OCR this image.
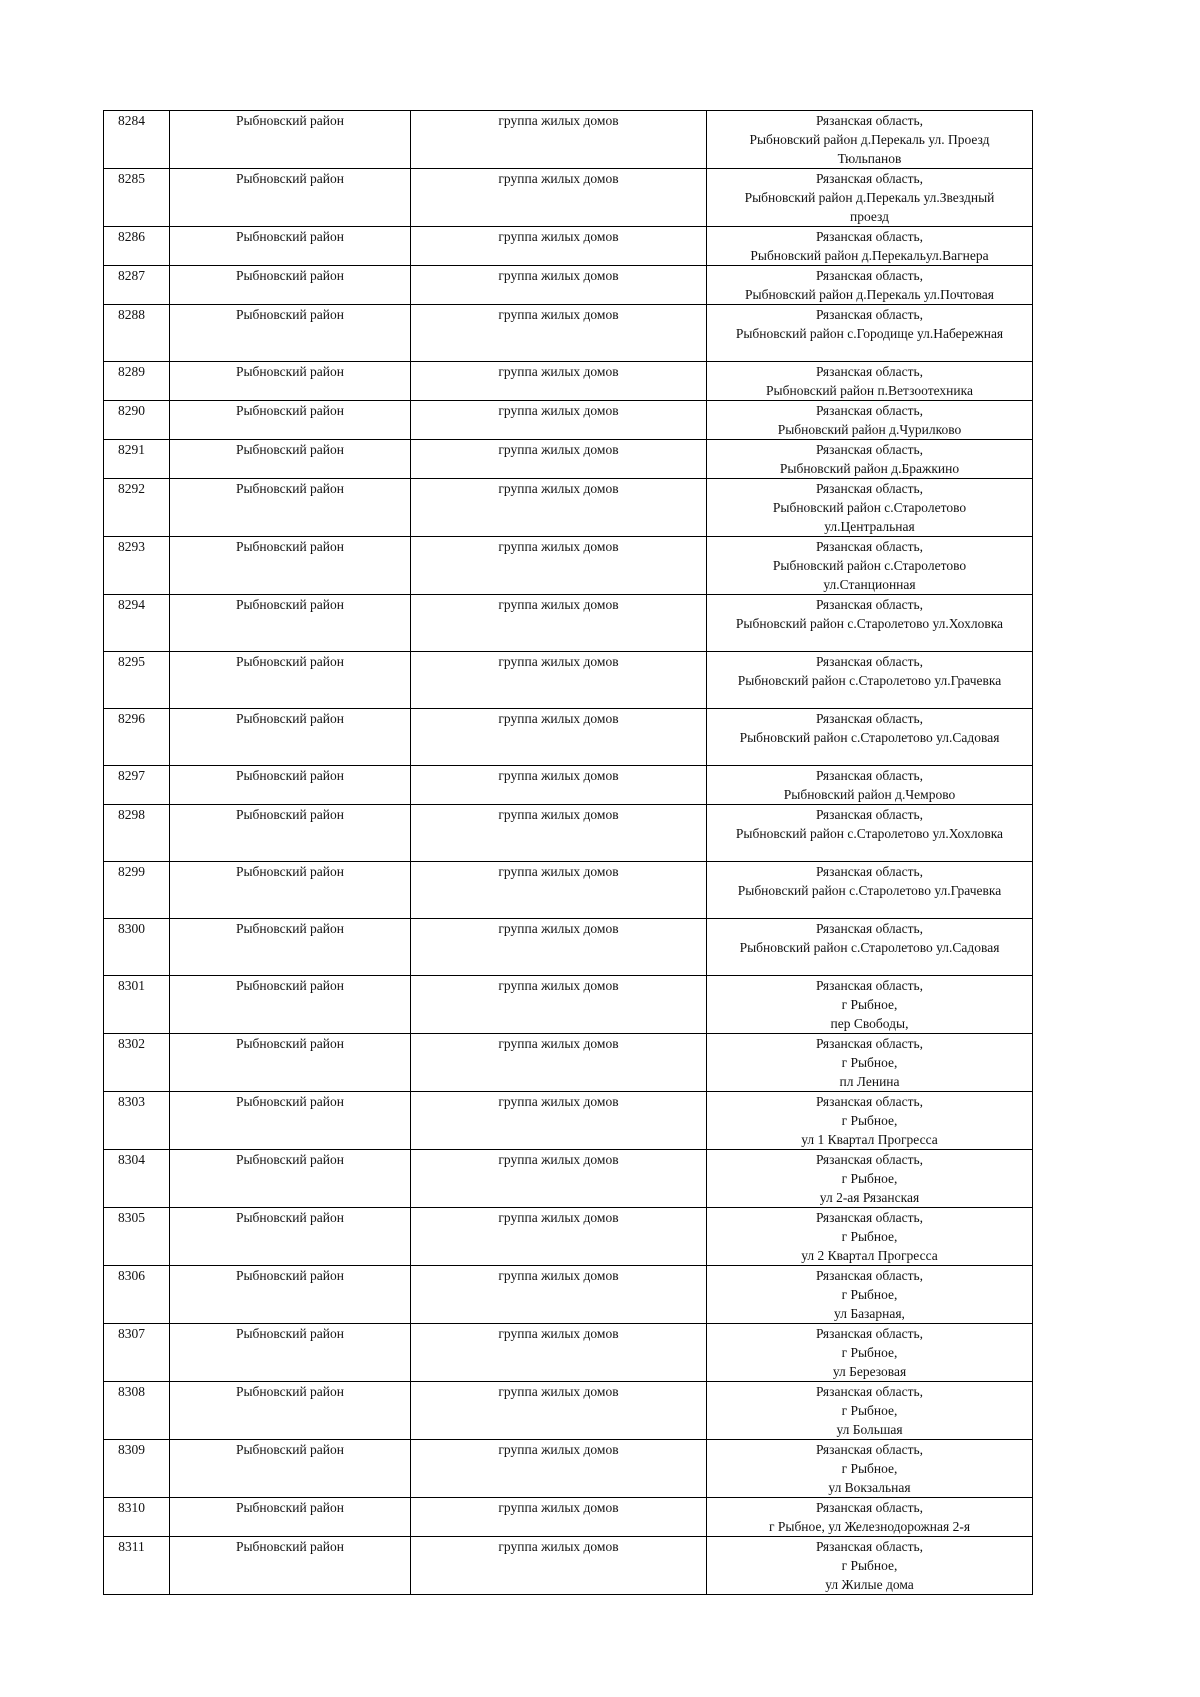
8284	Рыбновский район	группа жилых домов	Рязанская область,
Рыбновский район д.Перекаль ул. Проезд
Тюльпанов
8285	Рыбновский район	группа жилых домов	Рязанская область,
Рыбновский район д.Перекаль ул.Звездный
проезд
8286	Рыбновский район	группа жилых домов	Рязанская область,
Рыбновский район д.Перекальул.Вагнера
8287	Рыбновский район	группа жилых домов	Рязанская область,
Рыбновский район д.Перекаль ул.Почтовая
8288	Рыбновский район	группа жилых домов	Рязанская область,
Рыбновский район с.Городище ул.Набережная
8289	Рыбновский район	группа жилых домов	Рязанская область,
Рыбновский район п.Ветзоотехника
8290	Рыбновский район	группа жилых домов	Рязанская область,
Рыбновский район д.Чурилково
8291	Рыбновский район	группа жилых домов	Рязанская область,
Рыбновский район д.Бражкино
8292	Рыбновский район	группа жилых домов	Рязанская область,
Рыбновский район с.Старолетово
ул.Центральная
8293	Рыбновский район	группа жилых домов	Рязанская область,
Рыбновский район с.Старолетово
ул.Станционная
8294	Рыбновский район	группа жилых домов	Рязанская область,
Рыбновский район с.Старолетово ул.Хохловка
8295	Рыбновский район	группа жилых домов	Рязанская область,
Рыбновский район с.Старолетово ул.Грачевка
8296	Рыбновский район	группа жилых домов	Рязанская область,
Рыбновский район с.Старолетово ул.Садовая
8297	Рыбновский район	группа жилых домов	Рязанская область,
Рыбновский район д.Чемрово
8298	Рыбновский район	группа жилых домов	Рязанская область,
Рыбновский район с.Старолетово ул.Хохловка
8299	Рыбновский район	группа жилых домов	Рязанская область,
Рыбновский район с.Старолетово ул.Грачевка
8300	Рыбновский район	группа жилых домов	Рязанская область,
Рыбновский район с.Старолетово ул.Садовая
8301	Рыбновский район	группа жилых домов	Рязанская область,
г Рыбное,
пер Свободы,
8302	Рыбновский район	группа жилых домов	Рязанская область,
г Рыбное,
пл Ленина
8303	Рыбновский район	группа жилых домов	Рязанская область,
г Рыбное,
ул 1 Квартал Прогресса
8304	Рыбновский район	группа жилых домов	Рязанская область,
г Рыбное,
ул 2-ая Рязанская
8305	Рыбновский район	группа жилых домов	Рязанская область,
г Рыбное,
ул 2 Квартал Прогресса
8306	Рыбновский район	группа жилых домов	Рязанская область,
г Рыбное,
ул Базарная,
8307	Рыбновский район	группа жилых домов	Рязанская область,
г Рыбное,
ул Березовая
8308	Рыбновский район	группа жилых домов	Рязанская область,
г Рыбное,
ул Большая
8309	Рыбновский район	группа жилых домов	Рязанская область,
г Рыбное,
ул Вокзальная
8310	Рыбновский район	группа жилых домов	Рязанская область,
г Рыбное, ул Железнодорожная 2-я
8311	Рыбновский район	группа жилых домов	Рязанская область,
г Рыбное,
ул Жилые дома
